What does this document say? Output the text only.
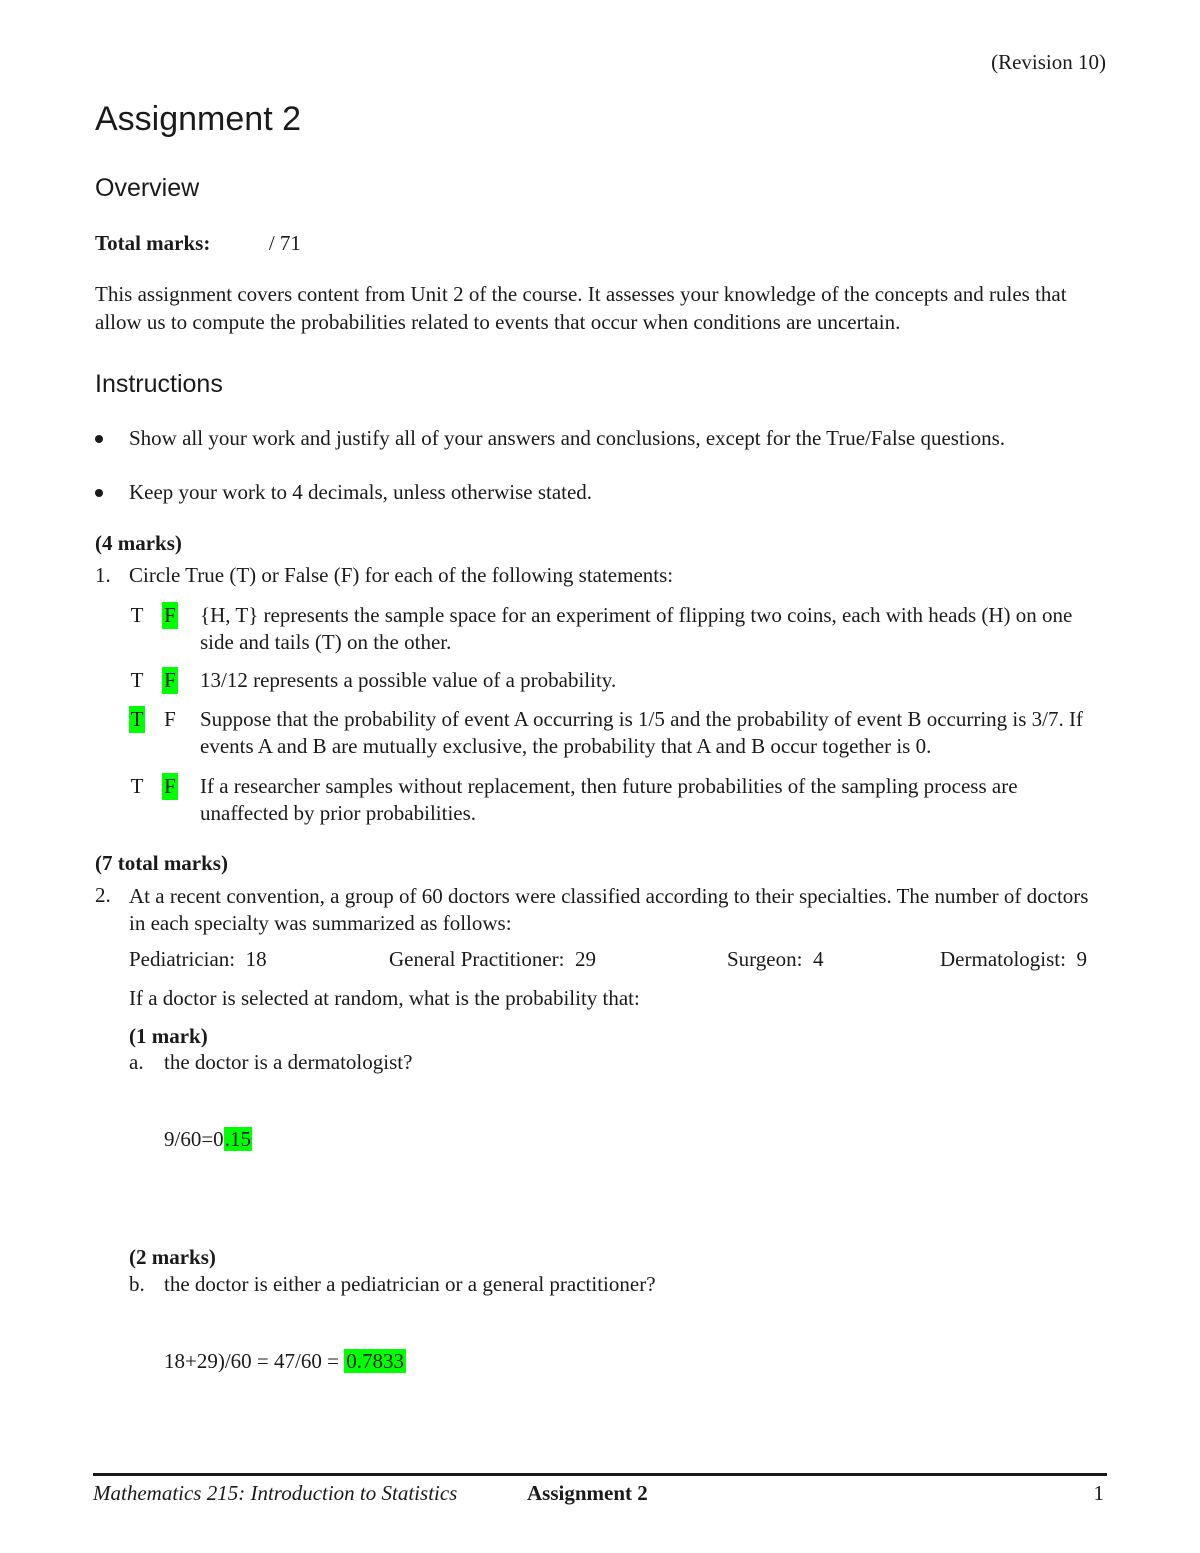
(Revision 10)
Assignment 2
Overview
Total marks:	/ 71
This assignment covers content from Unit 2 of the course. It assesses your knowledge of the concepts and rules that allow us to compute the probabilities related to events that occur when conditions are uncertain.
Instructions
Show all your work and justify all of your answers and conclusions, except for the True/False questions.
Keep your work to 4 decimals, unless otherwise stated.
(4 marks)
1. Circle True (T) or False (F) for each of the following statements:
T F {H, T} represents the sample space for an experiment of flipping two coins, each with heads (H) on one side and tails (T) on the other.
T F 13/12 represents a possible value of a probability.
T F Suppose that the probability of event A occurring is 1/5 and the probability of event B occurring is 3/7. If events A and B are mutually exclusive, the probability that A and B occur together is 0.
T F If a researcher samples without replacement, then future probabilities of the sampling process are unaffected by prior probabilities.
(7 total marks)
2. At a recent convention, a group of 60 doctors were classified according to their specialties. The number of doctors in each specialty was summarized as follows:
Pediatrician: 18	General Practitioner: 29	Surgeon: 4	Dermatologist: 9
If a doctor is selected at random, what is the probability that:
(1 mark)
a. the doctor is a dermatologist?
9/60=0.15
(2 marks)
b. the doctor is either a pediatrician or a general practitioner?
18+29)/60 = 47/60 = 0.7833
Mathematics 215: Introduction to Statistics	Assignment 2	1
